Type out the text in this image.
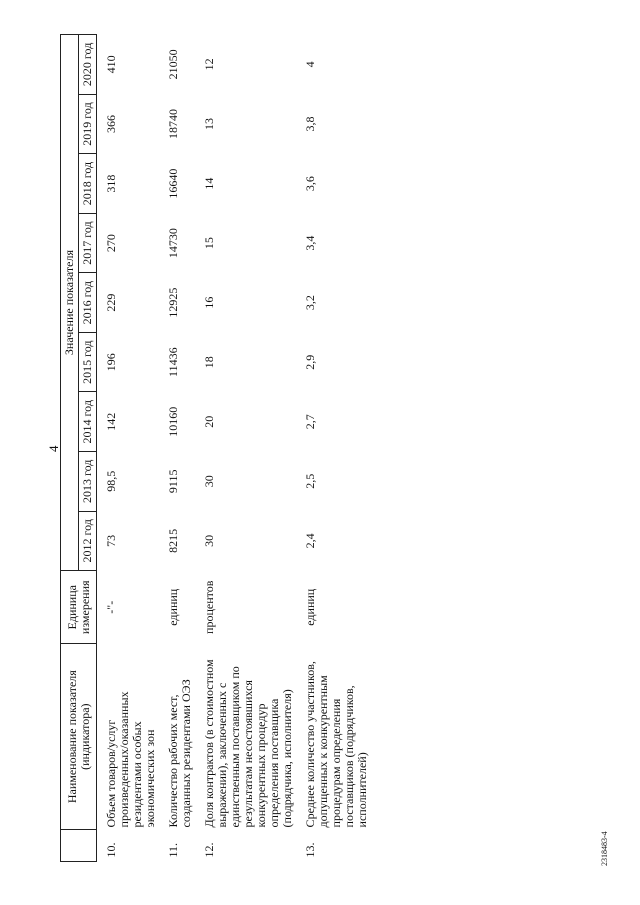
4
	Наименование показателя (индикатора)	Единица измерения	Значение показателя								
			2012 год	2013 год	2014 год	2015 год	2016 год	2017 год	2018 год	2019 год	2020 год
10.	Объем товаров/услуг произведенных/оказанных резидентами особых экономических зон	-"-	73	98,5	142	196	229	270	318	366	410
11.	Количество рабочих мест, созданных резидентами ОЭЗ	единиц	8215	9115	10160	11436	12925	14730	16640	18740	21050
12.	Доля контрактов (в стоимостном выражении), заключенных с единственным поставщиком по результатам несостоявшихся конкурентных процедур определения поставщика (подрядчика, исполнителя)	процентов	30	30	20	18	16	15	14	13	12
13.	Среднее количество участников, допущенных к конкурентным процедурам определения поставщиков (подрядчиков, исполнителей)	единиц	2,4	2,5	2,7	2,9	3,2	3,4	3,6	3,8	4
2318483-4
